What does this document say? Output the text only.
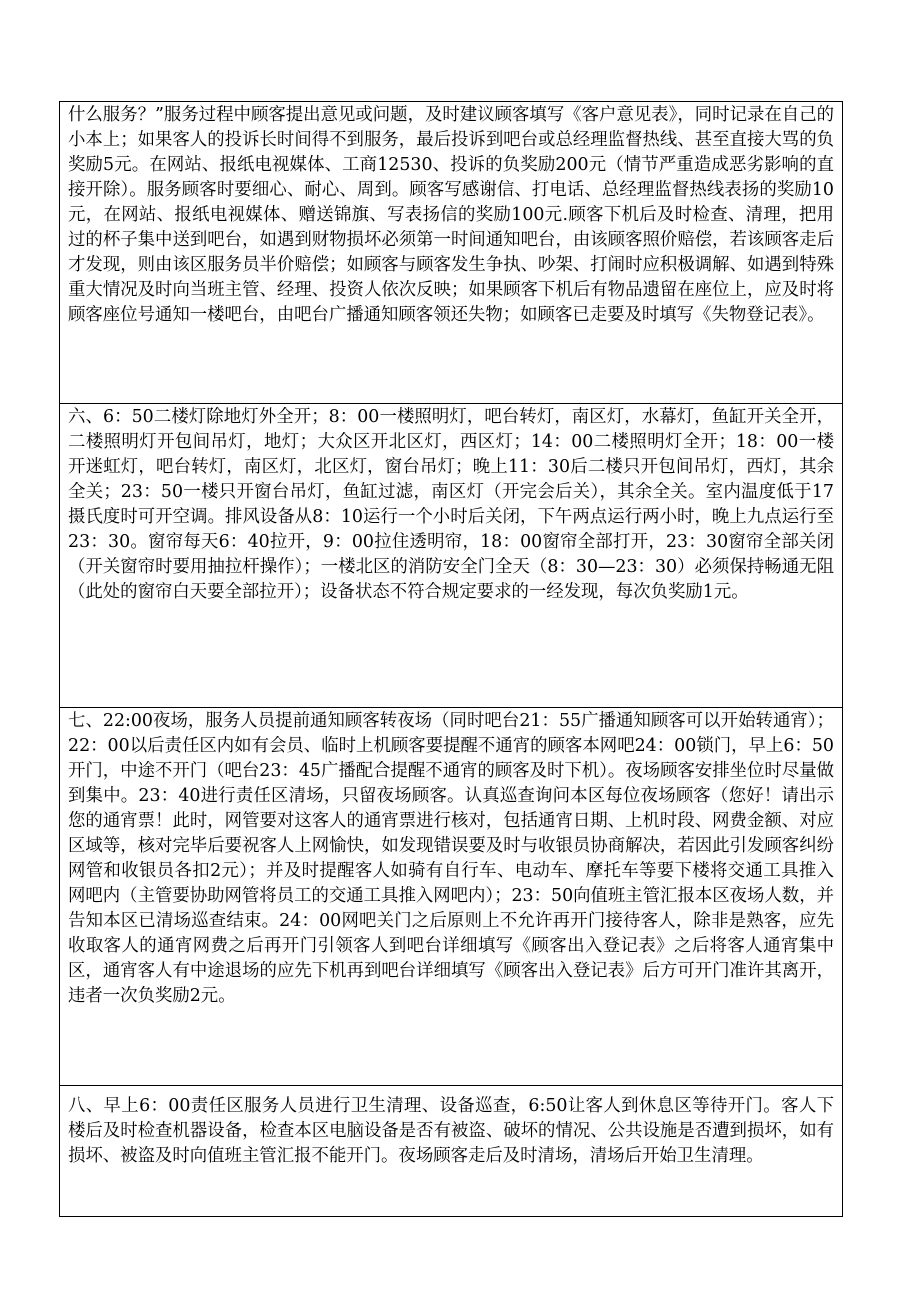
什么服务？”服务过程中顾客提出意见或问题，及时建议顾客填写《客户意见表》，同时记录在自己的小本上；如果客人的投诉长时间得不到服务，最后投诉到吧台或总经理监督热线、甚至直接大骂的负奖励5元。在网站、报纸电视媒体、工商12530、投诉的负奖励200元（情节严重造成恶劣影响的直接开除）。服务顾客时要细心、耐心、周到。顾客写感谢信、打电话、总经理监督热线表扬的奖励10元，在网站、报纸电视媒体、赠送锦旗、写表扬信的奖励100元.顾客下机后及时检查、清理，把用过的杯子集中送到吧台，如遇到财物损坏必须第一时间通知吧台，由该顾客照价赔偿，若该顾客走后才发现，则由该区服务员半价赔偿；如顾客与顾客发生争执、吵架、打闹时应积极调解、如遇到特殊重大情况及时向当班主管、经理、投资人依次反映；如果顾客下机后有物品遗留在座位上，应及时将顾客座位号通知一楼吧台，由吧台广播通知顾客领还失物；如顾客已走要及时填写《失物登记表》。

六、6：50二楼灯除地灯外全开；8：00一楼照明灯，吧台转灯，南区灯，水幕灯，鱼缸开关全开，二楼照明灯开包间吊灯，地灯；大众区开北区灯，西区灯；14：00二楼照明灯全开；18：00一楼开迷虹灯，吧台转灯，南区灯，北区灯，窗台吊灯；晚上11：30后二楼只开包间吊灯，西灯，其余全关；23：50一楼只开窗台吊灯，鱼缸过滤，南区灯（开完会后关），其余全关。室内温度低于17摄氏度时可开空调。排风设备从8：10运行一个小时后关闭，下午两点运行两小时，晚上九点运行至23：30。窗帘每天6：40拉开，9：00拉住透明帘，18：00窗帘全部打开，23：30窗帘全部关闭（开关窗帘时要用抽拉杆操作）；一楼北区的消防安全门全天（8：30—23：30）必须保持畅通无阻（此处的窗帘白天要全部拉开）；设备状态不符合规定要求的一经发现，每次负奖励1元。

七、22:00夜场，服务人员提前通知顾客转夜场（同时吧台21：55广播通知顾客可以开始转通宵）；22：00以后责任区内如有会员、临时上机顾客要提醒不通宵的顾客本网吧24：00锁门，早上6：50开门，中途不开门（吧台23：45广播配合提醒不通宵的顾客及时下机）。夜场顾客安排坐位时尽量做到集中。23：40进行责任区清场，只留夜场顾客。认真巡查询问本区每位夜场顾客（您好！请出示您的通宵票！此时，网管要对这客人的通宵票进行核对，包括通宵日期、上机时段、网费金额、对应区域等，核对完毕后要祝客人上网愉快，如发现错误要及时与收银员协商解决，若因此引发顾客纠纷网管和收银员各扣2元）；并及时提醒客人如骑有自行车、电动车、摩托车等要下楼将交通工具推入网吧内（主管要协助网管将员工的交通工具推入网吧内）；23：50向值班主管汇报本区夜场人数，并告知本区已清场巡查结束。24：00网吧关门之后原则上不允许再开门接待客人，除非是熟客，应先收取客人的通宵网费之后再开门引领客人到吧台详细填写《顾客出入登记表》之后将客人通宵集中区，通宵客人有中途退场的应先下机再到吧台详细填写《顾客出入登记表》后方可开门准许其离开，违者一次负奖励2元。

八、早上6：00责任区服务人员进行卫生清理、设备巡查，6:50让客人到休息区等待开门。客人下楼后及时检查机器设备，检查本区电脑设备是否有被盗、破坏的情况、公共设施是否遭到损坏，如有损坏、被盗及时向值班主管汇报不能开门。夜场顾客走后及时清场，清场后开始卫生清理。
